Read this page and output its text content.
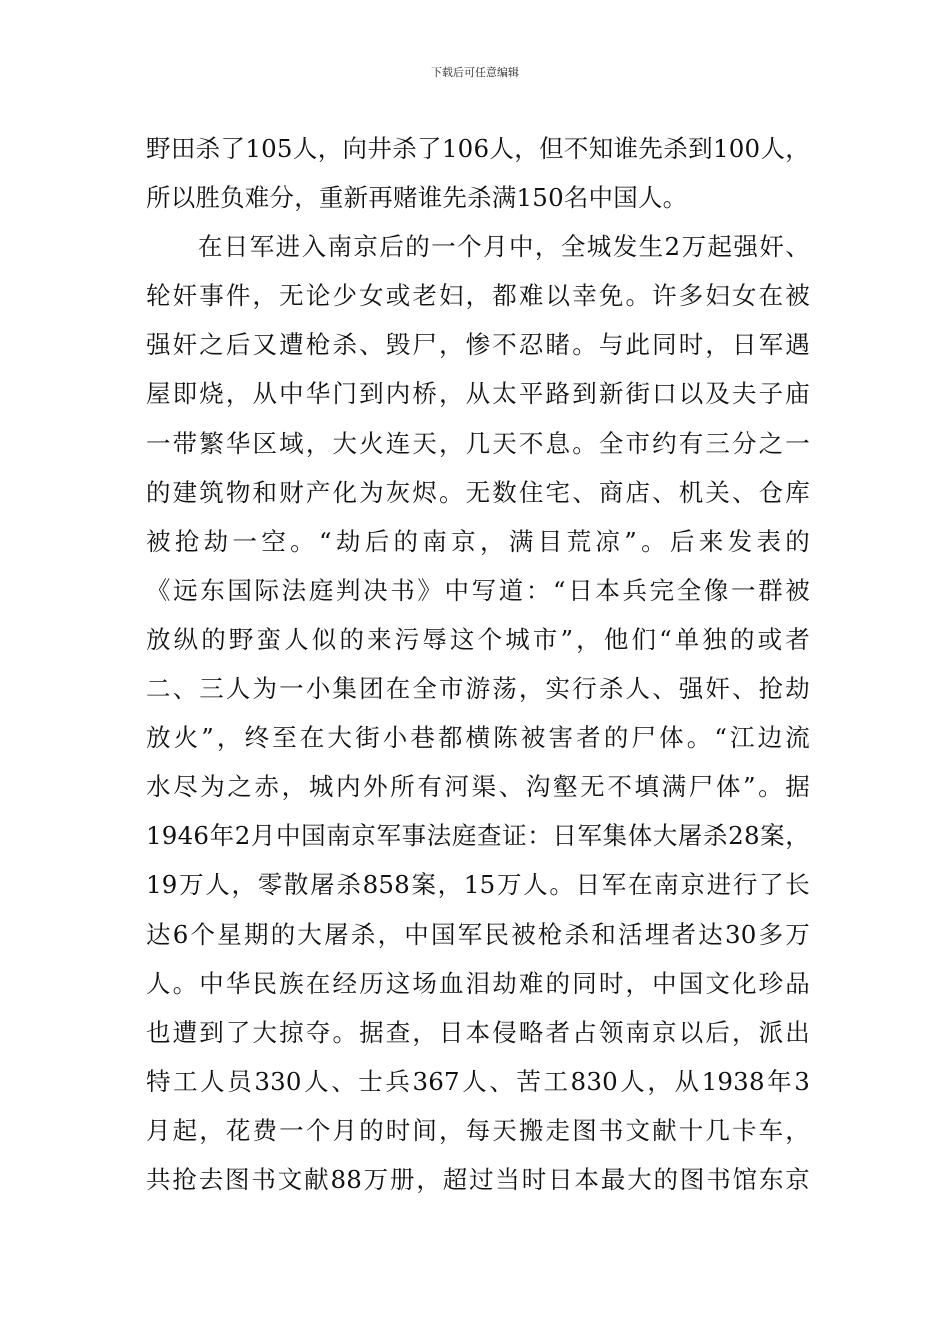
下载后可任意编辑
野田杀了105人，向井杀了106人，但不知谁先杀到100人，
所以胜负难分，重新再赌谁先杀满150名中国人。
　　在日军进入南京后的一个月中，全城发生2万起强奸、
轮奸事件，无论少女或老妇，都难以幸免。许多妇女在被
强奸之后又遭枪杀、毁尸，惨不忍睹。与此同时，日军遇
屋即烧，从中华门到内桥，从太平路到新街口以及夫子庙
一带繁华区域，大火连天，几天不息。全市约有三分之一
的建筑物和财产化为灰烬。无数住宅、商店、机关、仓库
被抢劫一空。“劫后的南京，满目荒凉”。后来发表的
《远东国际法庭判决书》中写道：“日本兵完全像一群被
放纵的野蛮人似的来污辱这个城市”，他们“单独的或者
二、三人为一小集团在全市游荡，实行杀人、强奸、抢劫
放火”，终至在大街小巷都横陈被害者的尸体。“江边流
水尽为之赤，城内外所有河渠、沟壑无不填满尸体”。据
1946年2月中国南京军事法庭查证：日军集体大屠杀28案，
19万人，零散屠杀858案，15万人。日军在南京进行了长
达6个星期的大屠杀，中国军民被枪杀和活埋者达30多万
人。中华民族在经历这场血泪劫难的同时，中国文化珍品
也遭到了大掠夺。据查，日本侵略者占领南京以后，派出
特工人员330人、士兵367人、苦工830人，从1938年3
月起，花费一个月的时间，每天搬走图书文献十几卡车，
共抢去图书文献88万册，超过当时日本最大的图书馆东京
